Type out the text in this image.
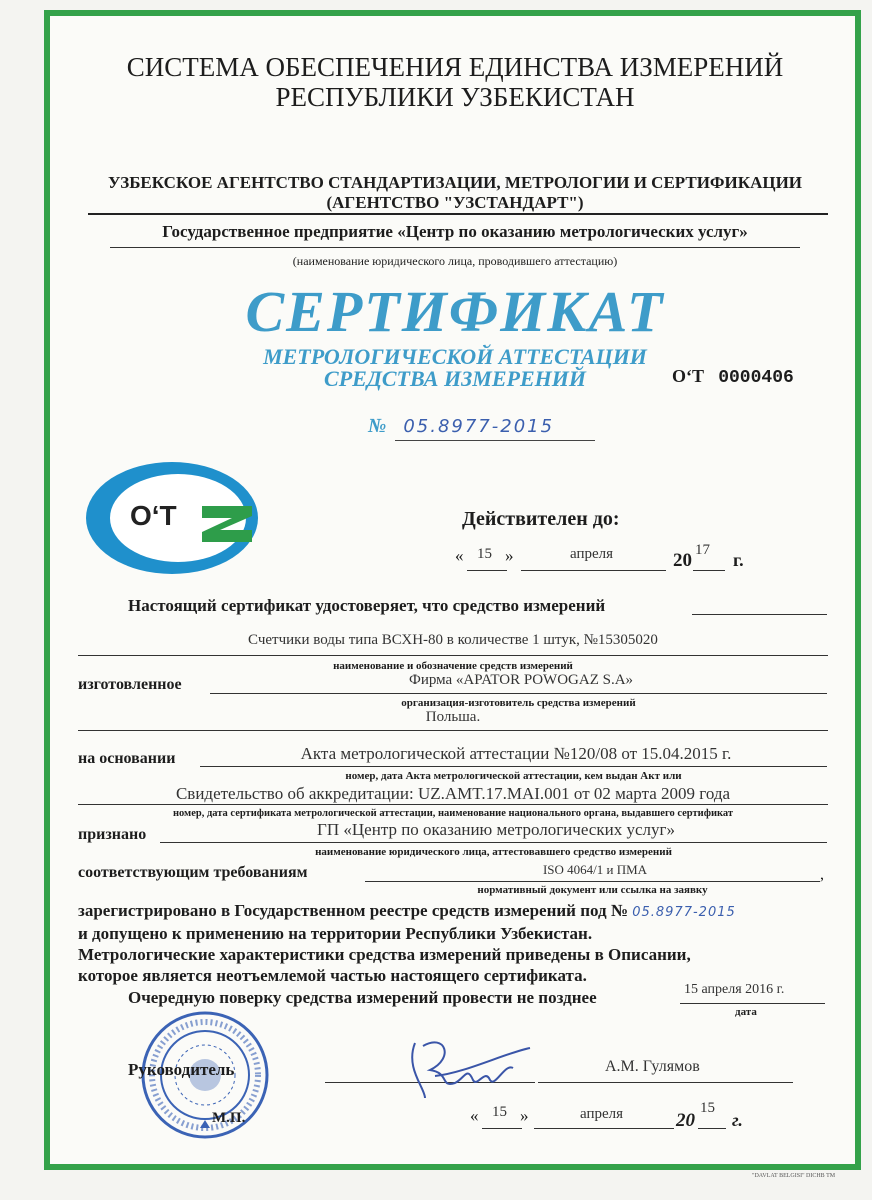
СИСТЕМА ОБЕСПЕЧЕНИЯ ЕДИНСТВА ИЗМЕРЕНИЙ
РЕСПУБЛИКИ УЗБЕКИСТАН
УЗБЕКСКОЕ АГЕНТСТВО СТАНДАРТИЗАЦИИ, МЕТРОЛОГИИ И СЕРТИФИКАЦИИ
(АГЕНТСТВО "УЗСТАНДАРТ")
Государственное предприятие «Центр по оказанию метрологических услуг»
(наименование юридического лица, проводившего аттестацию)
СЕРТИФИКАТ
МЕТРОЛОГИЧЕСКОЙ АТТЕСТАЦИИ
СРЕДСТВА ИЗМЕРЕНИЙ	O‘T 0000406
№ 05.8977-2015
O‘T	Действителен до:
« 15 »	апреля	20 17 г.
Настоящий сертификат удостоверяет, что средство измерений
Счетчики воды типа ВСХН-80 в количестве 1 штук, №15305020
наименование и обозначение средств измерений
изготовленное	Фирма «APATOR POWOGAZ S.A»
организация-изготовитель средства измерений
Польша.
на основании	Акта метрологической аттестации №120/08 от 15.04.2015 г.
номер, дата Акта метрологической аттестации, кем выдан Акт или
Свидетельство об аккредитации: UZ.AMT.17.MAI.001 от 02 марта 2009 года
номер, дата сертификата метрологической аттестации, наименование национального органа, выдавшего сертификат
признано	ГП «Центр по оказанию метрологических услуг»
наименование юридического лица, аттестовавшего средство измерений
соответствующим требованиям	ISO 4064/1 и ПМА	,
нормативный документ или ссылка на заявку
зарегистрировано в Государственном реестре средств измерений под № 05.8977-2015
и допущено к применению на территории Республики Узбекистан.
Метрологические характеристики средства измерений приведены в Описании,
которое является неотъемлемой частью настоящего сертификата.
Очередную поверку средства измерений провести не позднее	15 апреля 2016 г.
дата
Руководитель	А.М. Гулямов
М.П.	« 15 »	апреля	20
15
г.
"DAVLAT BELGISI" DICHB TM
